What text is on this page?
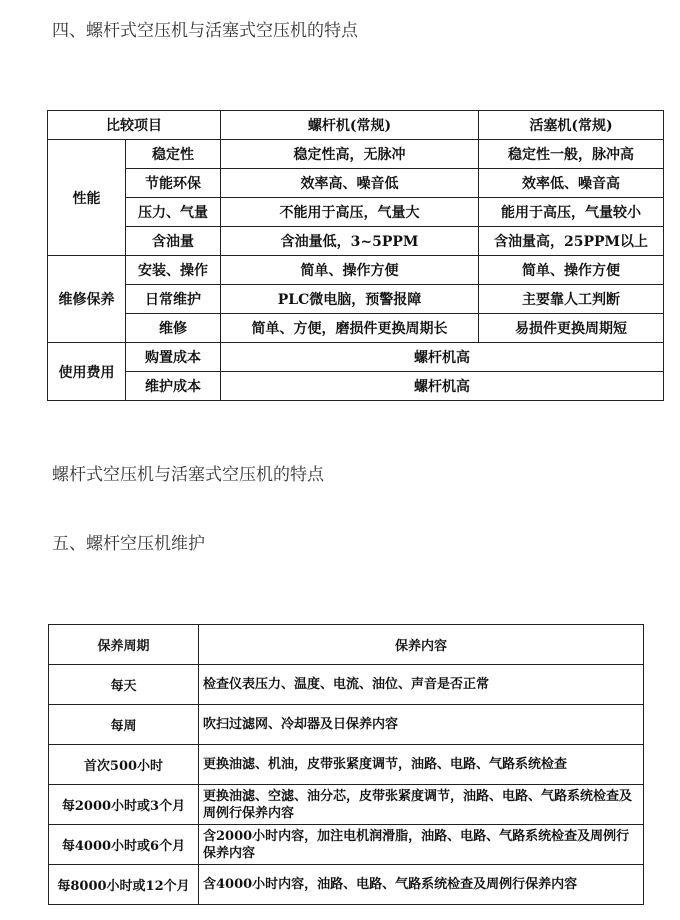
四、螺杆式空压机与活塞式空压机的特点
比较项目		螺杆机(常规)	活塞机(常规)
性能	稳定性	稳定性高，无脉冲	稳定性一般，脉冲高
	节能环保	效率高、噪音低	效率低、噪音高
	压力、气量	不能用于高压，气量大	能用于高压，气量较小
	含油量	含油量低，3~5PPM	含油量高，25PPM以上
维修保养	安装、操作	简单、操作方便	简单、操作方便
	日常维护	PLC微电脑，预警报障	主要靠人工判断
	维修	简单、方便，磨损件更换周期长	易损件更换周期短
使用费用	购置成本	螺杆机高	
	维护成本	螺杆机高	
螺杆式空压机与活塞式空压机的特点
五、螺杆空压机维护
保养周期	保养内容
每天	检查仪表压力、温度、电流、油位、声音是否正常
每周	吹扫过滤网、冷却器及日保养内容
首次500小时	更换油滤、机油，皮带张紧度调节，油路、电路、气路系统检查
每2000小时或3个月	更换油滤、空滤、油分芯，皮带张紧度调节，油路、电路、气路系统检查及周例行保养内容
每4000小时或6个月	含2000小时内容，加注电机润滑脂，油路、电路、气路系统检查及周例行保养内容
每8000小时或12个月	含4000小时内容，油路、电路、气路系统检查及周例行保养内容
